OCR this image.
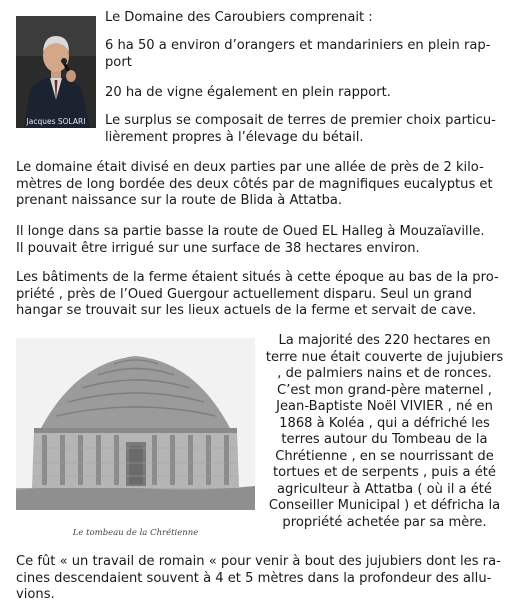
Jacques SOLARI

Le Domaine des Caroubiers comprenait :

6 ha 50 a environ d’orangers et mandariniers en plein rap-
port

20 ha de vigne également en plein rapport.

Le surplus se composait de terres de premier choix particu-
lièrement propres à l’élevage du bétail.

Le domaine était divisé en deux parties par une allée de près de 2 kilo-
mètres de long bordée des deux côtés par de magnifiques eucalyptus et
prenant naissance sur la route de Blida à Attatba.

Il longe dans sa partie basse la route de Oued EL Halleg à Mouzaïaville.
Il pouvait être irrigué sur une surface de 38 hectares environ.

Les bâtiments de la ferme étaient situés à cette époque au bas de la pro-
priété , près de l’Oued Guergour actuellement disparu. Seul un grand
hangar se trouvait sur les lieux actuels de la ferme et servait de cave.

Le tombeau de la Chrétienne

La majorité des 220 hectares en
terre nue était couverte de jujubiers
, de palmiers nains et de ronces.
C’est mon grand-père maternel ,
Jean-Baptiste Noël VIVIER , né en
1868 à Koléa , qui a défriché les
terres autour du Tombeau de la
Chrétienne , en se nourrissant de
tortues et de serpents , puis a été
agriculteur à Attatba ( où il a été
Conseiller Municipal ) et défricha la
propriété achetée par sa mère.

Ce fût « un travail de romain « pour venir à bout des jujubiers dont les ra-
cines descendaient souvent à 4 et 5 mètres dans la profondeur des allu-
vions.
